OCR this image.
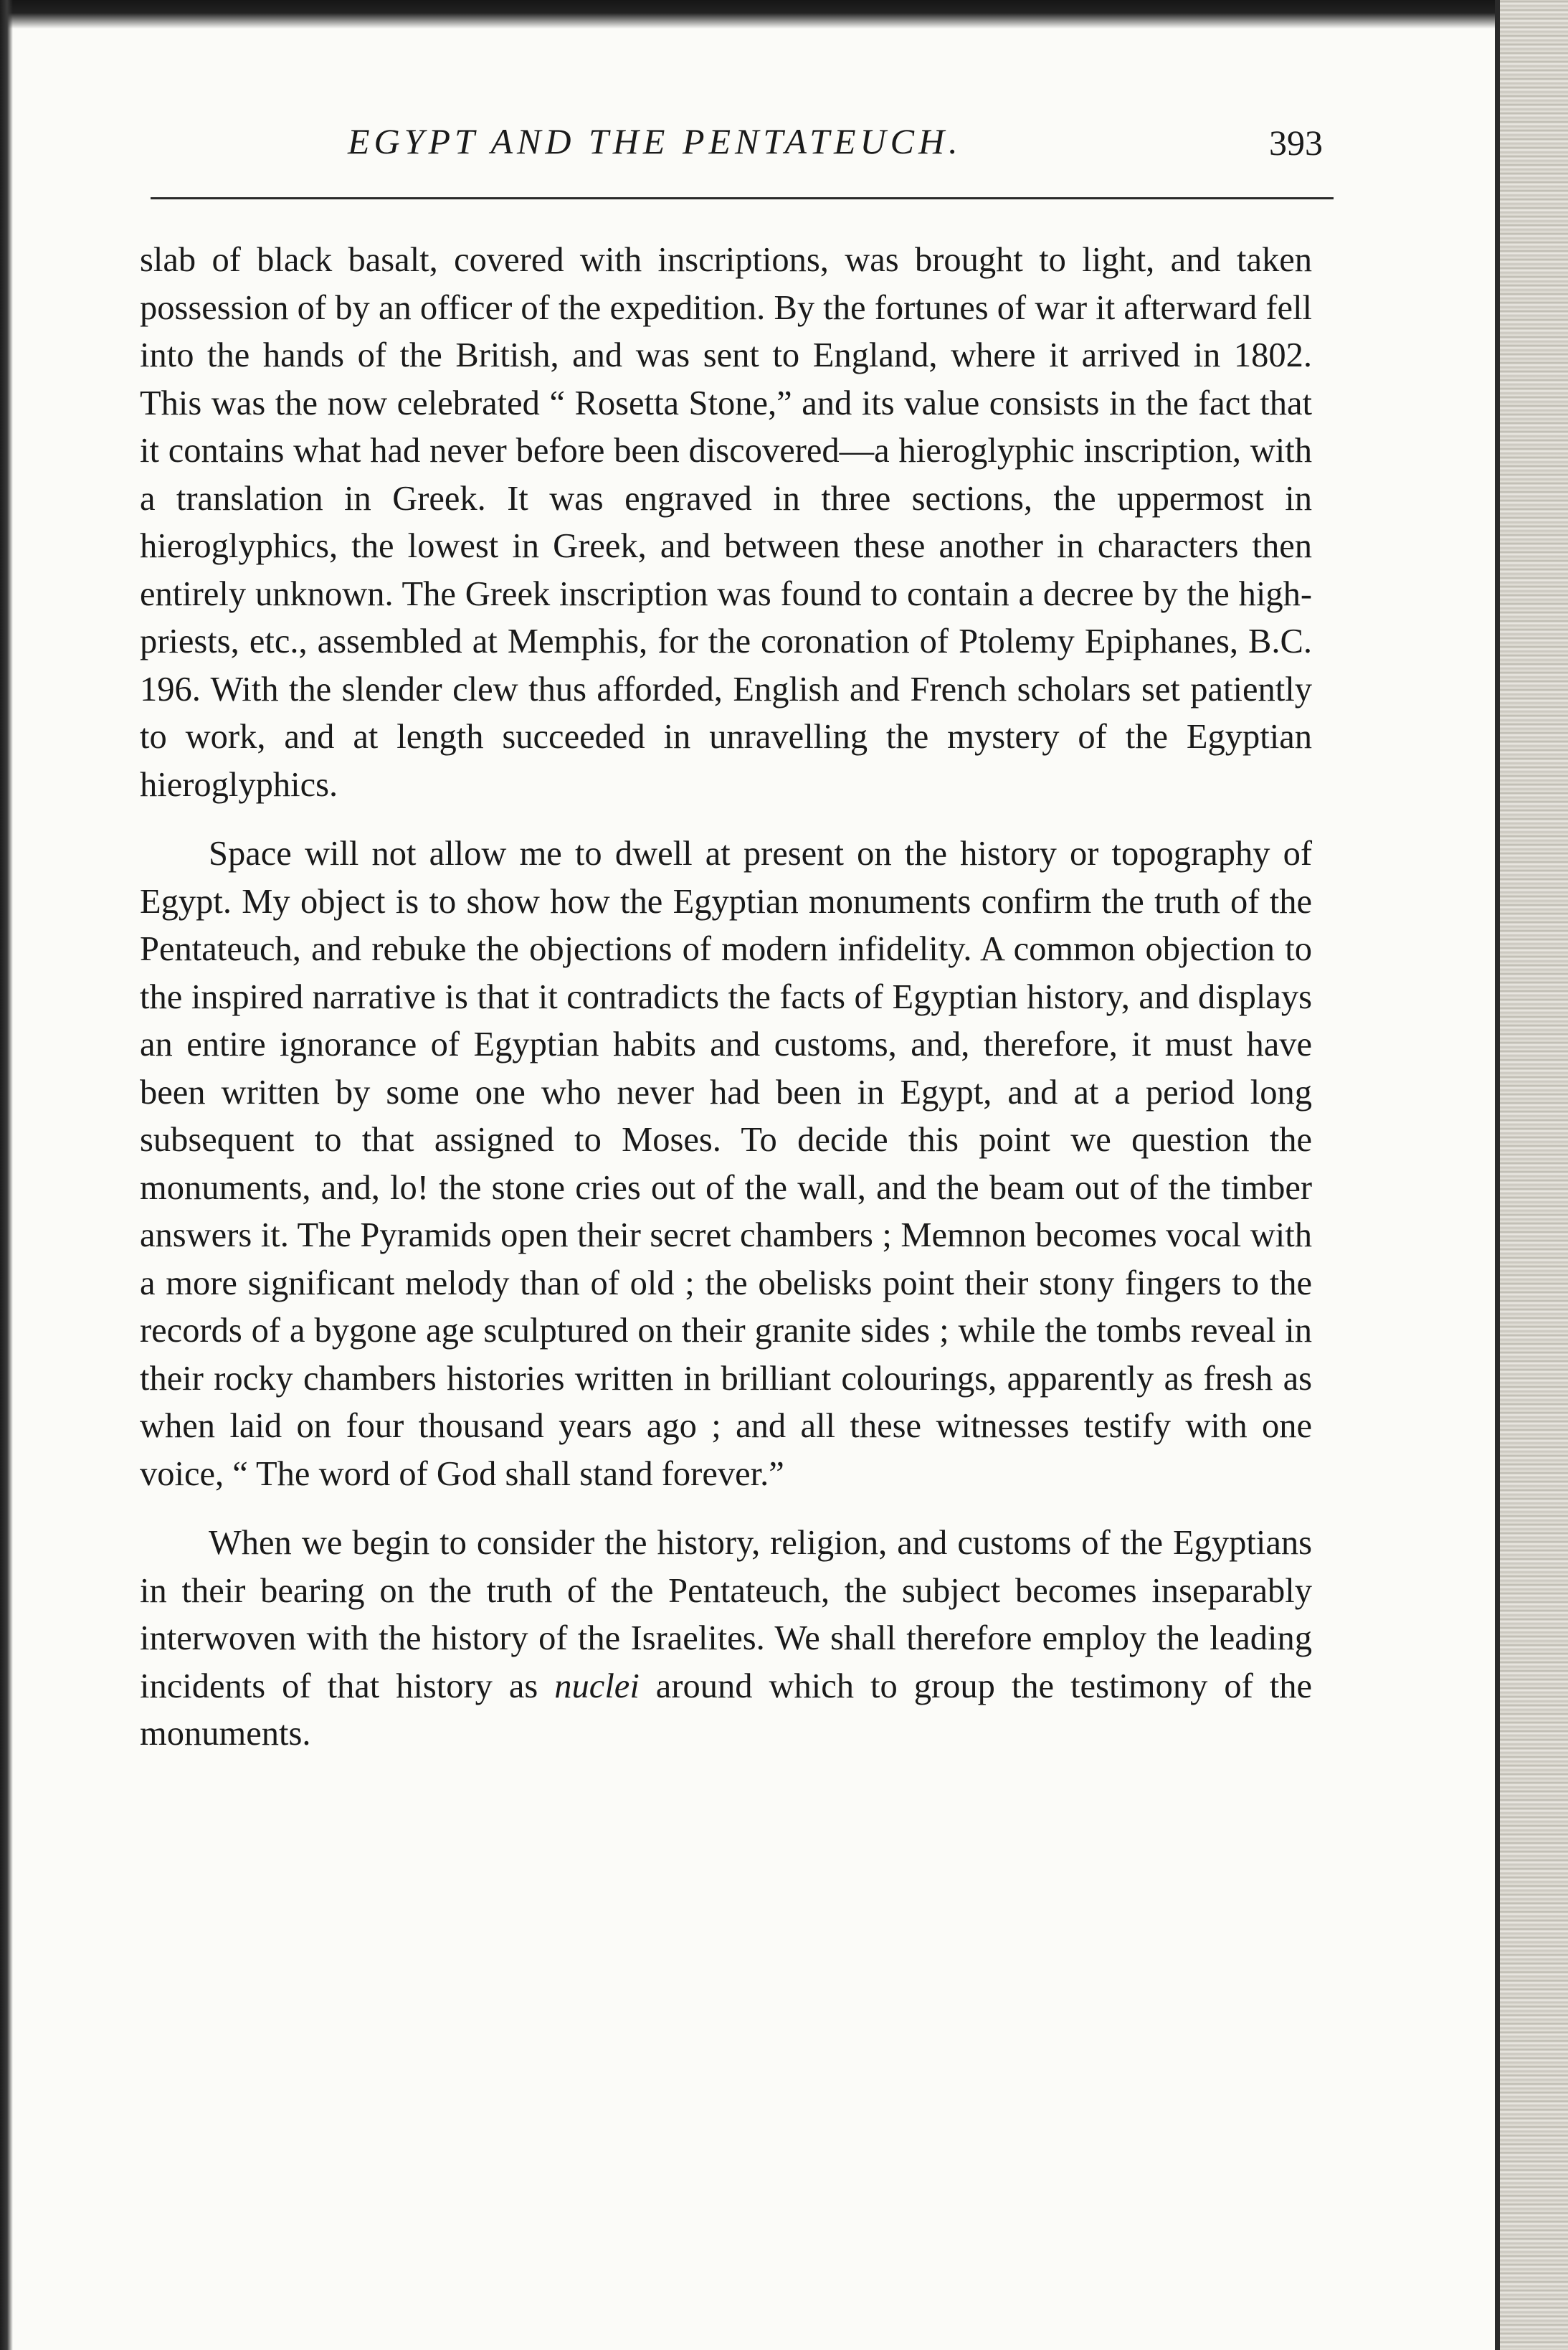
EGYPT AND THE PENTATEUCH.	393

slab of black basalt, covered with inscriptions, was brought to light, and taken possession of by an officer of the expedition. By the fortunes of war it afterward fell into the hands of the British, and was sent to England, where it arrived in 1802. This was the now celebrated “ Rosetta Stone,” and its value consists in the fact that it contains what had never before been discovered—a hieroglyphic inscription, with a translation in Greek. It was engraved in three sections, the uppermost in hieroglyphics, the lowest in Greek, and between these another in characters then entirely unknown. The Greek inscription was found to contain a decree by the high-priests, etc., assembled at Memphis, for the coronation of Ptolemy Epiphanes, B.C. 196. With the slender clew thus afforded, English and French scholars set patiently to work, and at length succeeded in unravelling the mystery of the Egyptian hieroglyphics.

Space will not allow me to dwell at present on the history or topography of Egypt. My object is to show how the Egyptian monuments confirm the truth of the Pentateuch, and rebuke the objections of modern infidelity. A common objection to the inspired narrative is that it contradicts the facts of Egyptian history, and displays an entire ignorance of Egyptian habits and customs, and, therefore, it must have been written by some one who never had been in Egypt, and at a period long subsequent to that assigned to Moses. To decide this point we question the monuments, and, lo! the stone cries out of the wall, and the beam out of the timber answers it. The Pyramids open their secret chambers ; Memnon becomes vocal with a more significant melody than of old ; the obelisks point their stony fingers to the records of a bygone age sculptured on their granite sides ; while the tombs reveal in their rocky chambers histories written in brilliant colourings, apparently as fresh as when laid on four thousand years ago ; and all these witnesses testify with one voice, “ The word of God shall stand forever.”

When we begin to consider the history, religion, and customs of the Egyptians in their bearing on the truth of the Pentateuch, the subject becomes inseparably interwoven with the history of the Israelites. We shall therefore employ the leading incidents of that history as nuclei around which to group the testimony of the monuments.
